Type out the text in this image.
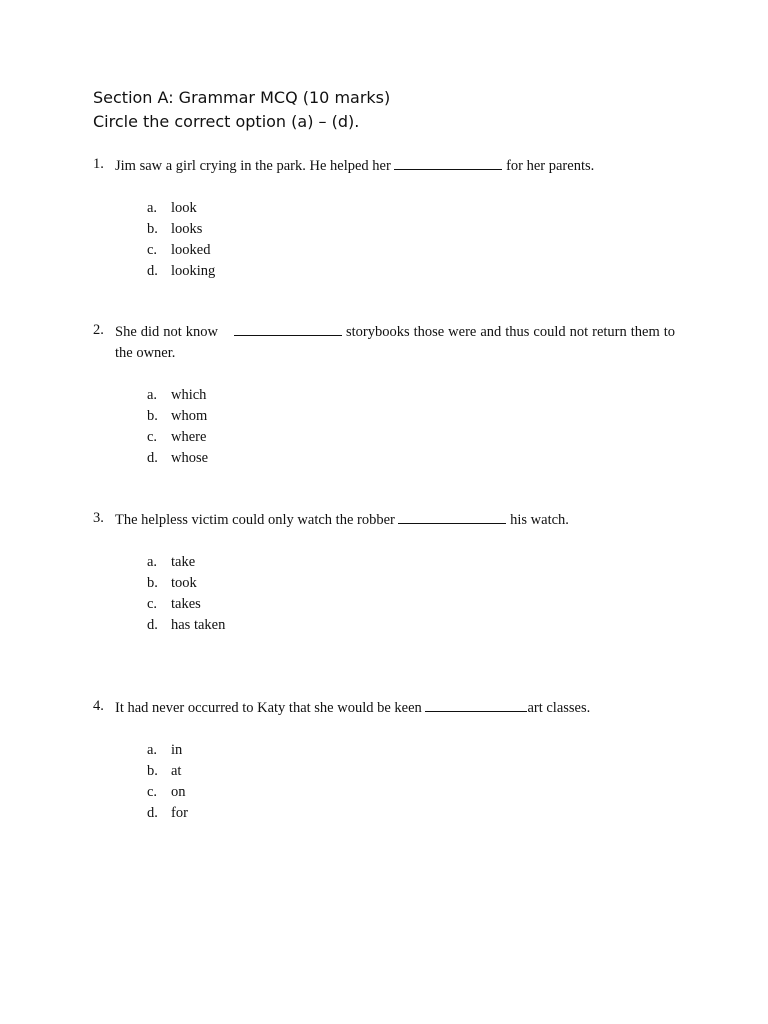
Section A: Grammar MCQ (10 marks)
Circle the correct option (a) – (d).
1. Jim saw a girl crying in the park. He helped her	for her parents.
a. look
b. looks
c. looked
d. looking
2. She did not know	storybooks those were and thus could not return them to the owner.
a. which
b. whom
c. where
d. whose
3. The helpless victim could only watch the robber	his watch.
a. take
b. took
c. takes
d. has taken
4. It had never occurred to Katy that she would be keen	art classes.
a. in
b. at
c. on
d. for
